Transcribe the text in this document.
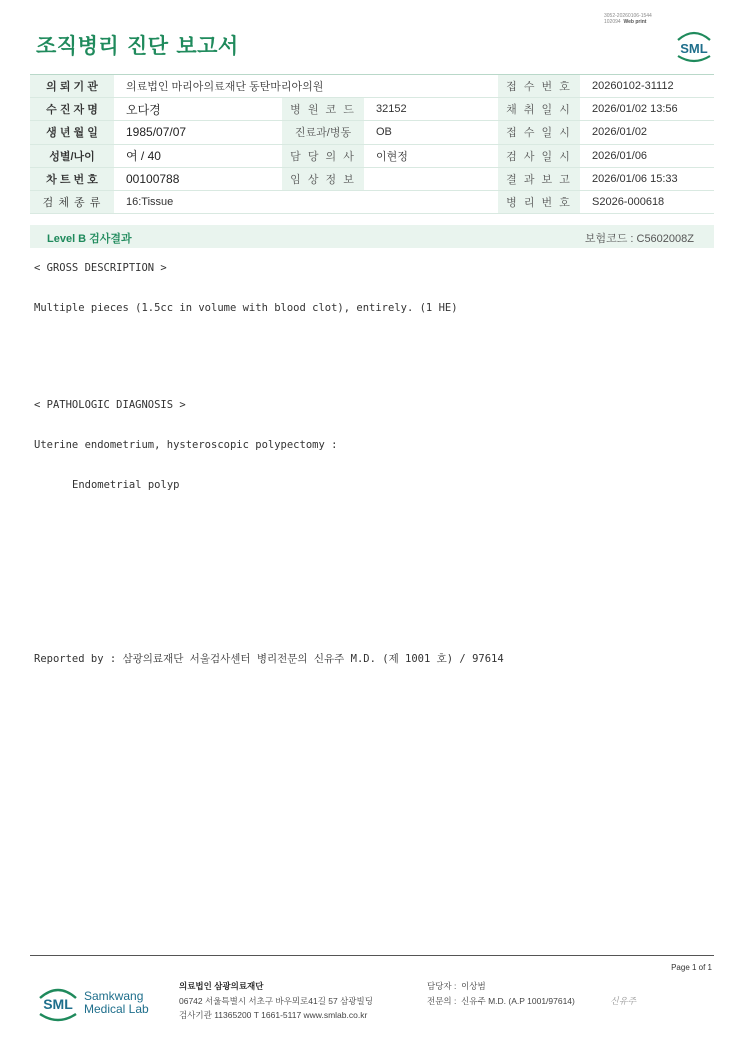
조직병리 진단 보고서
3052-20260106-1544
102094 Web print
SML
의 뢰 기 관	의료법인 마리아의료재단 동탄마리아의원			접 수 번 호	20260102-31112
수 진 자 명	오다경	병 원 코 드	32152	채 취 일 시	2026/01/02 13:56
생 년 월 일	1985/07/07	진료과/병동	OB	접 수 일 시	2026/01/02
성별/나이	여 / 40	담 당 의 사	이현정	검 사 일 시	2026/01/06
차 트 번 호	00100788	임 상 정 보		결 과 보 고	2026/01/06 15:33
검 체 종 류	16:Tissue			병 리 번 호	S2026-000618
Level B 검사결과	보험코드 : C5602008Z
< GROSS DESCRIPTION >
Multiple pieces (1.5cc in volume with blood clot), entirely. (1 HE)
< PATHOLOGIC DIAGNOSIS >
Uterine endometrium, hysteroscopic polypectomy :
Endometrial polyp
Reported by : 삼광의료재단 서울검사센터 병리전문의 신유주 M.D. (제 1001 호) / 97614
Page 1 of 1
SML Samkwang
Medical Lab
의료법인 삼광의료재단
06742 서울특별시 서초구 바우뫼로41길 57 삼광빌딩
검사기관 11365200 T 1661-5117 www.smlab.co.kr
담당자 : 이상범
전문의 : 신유주 M.D. (A.P 1001/97614)	신유주
